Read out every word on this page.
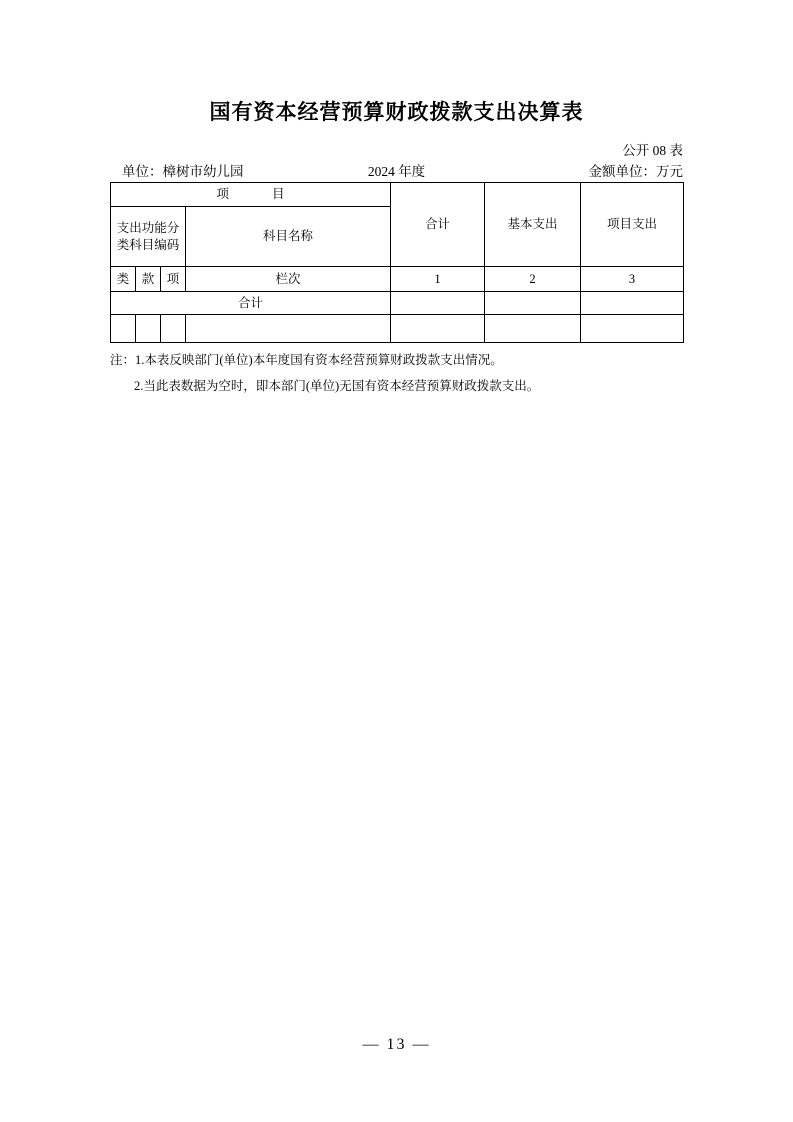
国有资本经营预算财政拨款支出决算表
公开 08 表
单位：樟树市幼儿园	2024 年度	金额单位：万元
项　　目				合计	基本支出	项目支出
支出功能分类科目编码			科目名称			
类	款	项	栏次	1	2	3
合计						

注：1.本表反映部门(单位)本年度国有资本经营预算财政拨款支出情况。
2.当此表数据为空时，即本部门(单位)无国有资本经营预算财政拨款支出。
— 13 —
